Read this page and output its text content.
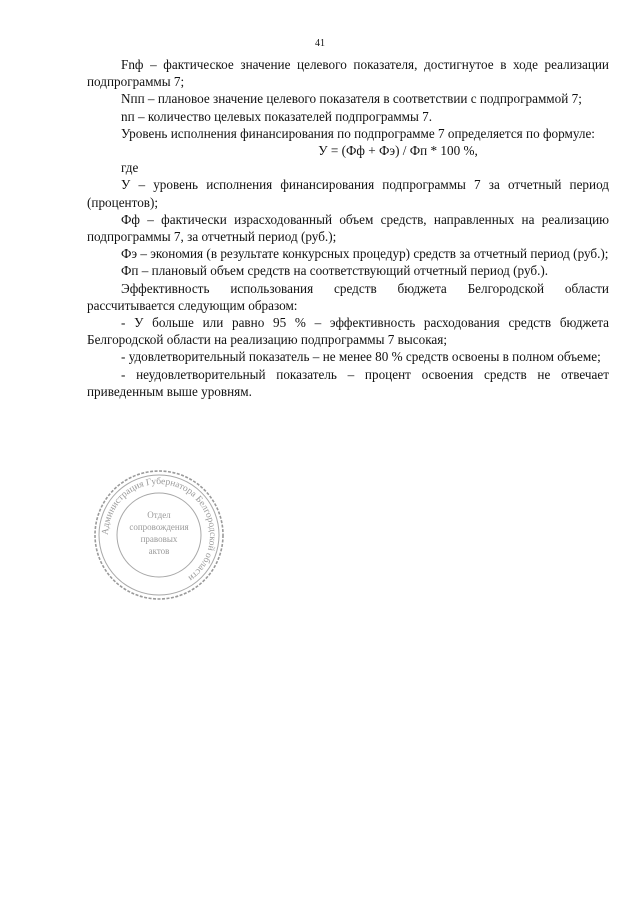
41

Fnф – фактическое значение целевого показателя, достигнутое в ходе реализации подпрограммы 7;

Nпп – плановое значение целевого показателя в соответствии с подпрограммой 7;

nп – количество целевых показателей подпрограммы 7.

Уровень исполнения финансирования по подпрограмме 7 определяется по формуле:

У = (Фф + Фэ) / Фп * 100 %,

где

У – уровень исполнения финансирования подпрограммы 7 за отчетный период (процентов);

Фф – фактически израсходованный объем средств, направленных на реализацию подпрограммы 7, за отчетный период (руб.);

Фэ – экономия (в результате конкурсных процедур) средств за отчетный период (руб.);

Фп – плановый объем средств на соответствующий отчетный период (руб.).

Эффективность использования средств бюджета Белгородской области рассчитывается следующим образом:

- У больше или равно 95 % – эффективность расходования средств бюджета Белгородской области на реализацию подпрограммы 7 высокая;

- удовлетворительный показатель – не менее 80 % средств освоены в полном объеме;

- неудовлетворительный показатель – процент освоения средств не отвечает приведенным выше уровням.

Администрация Губернатора Белгородской области
Отдел
сопровождения
правовых
актов
